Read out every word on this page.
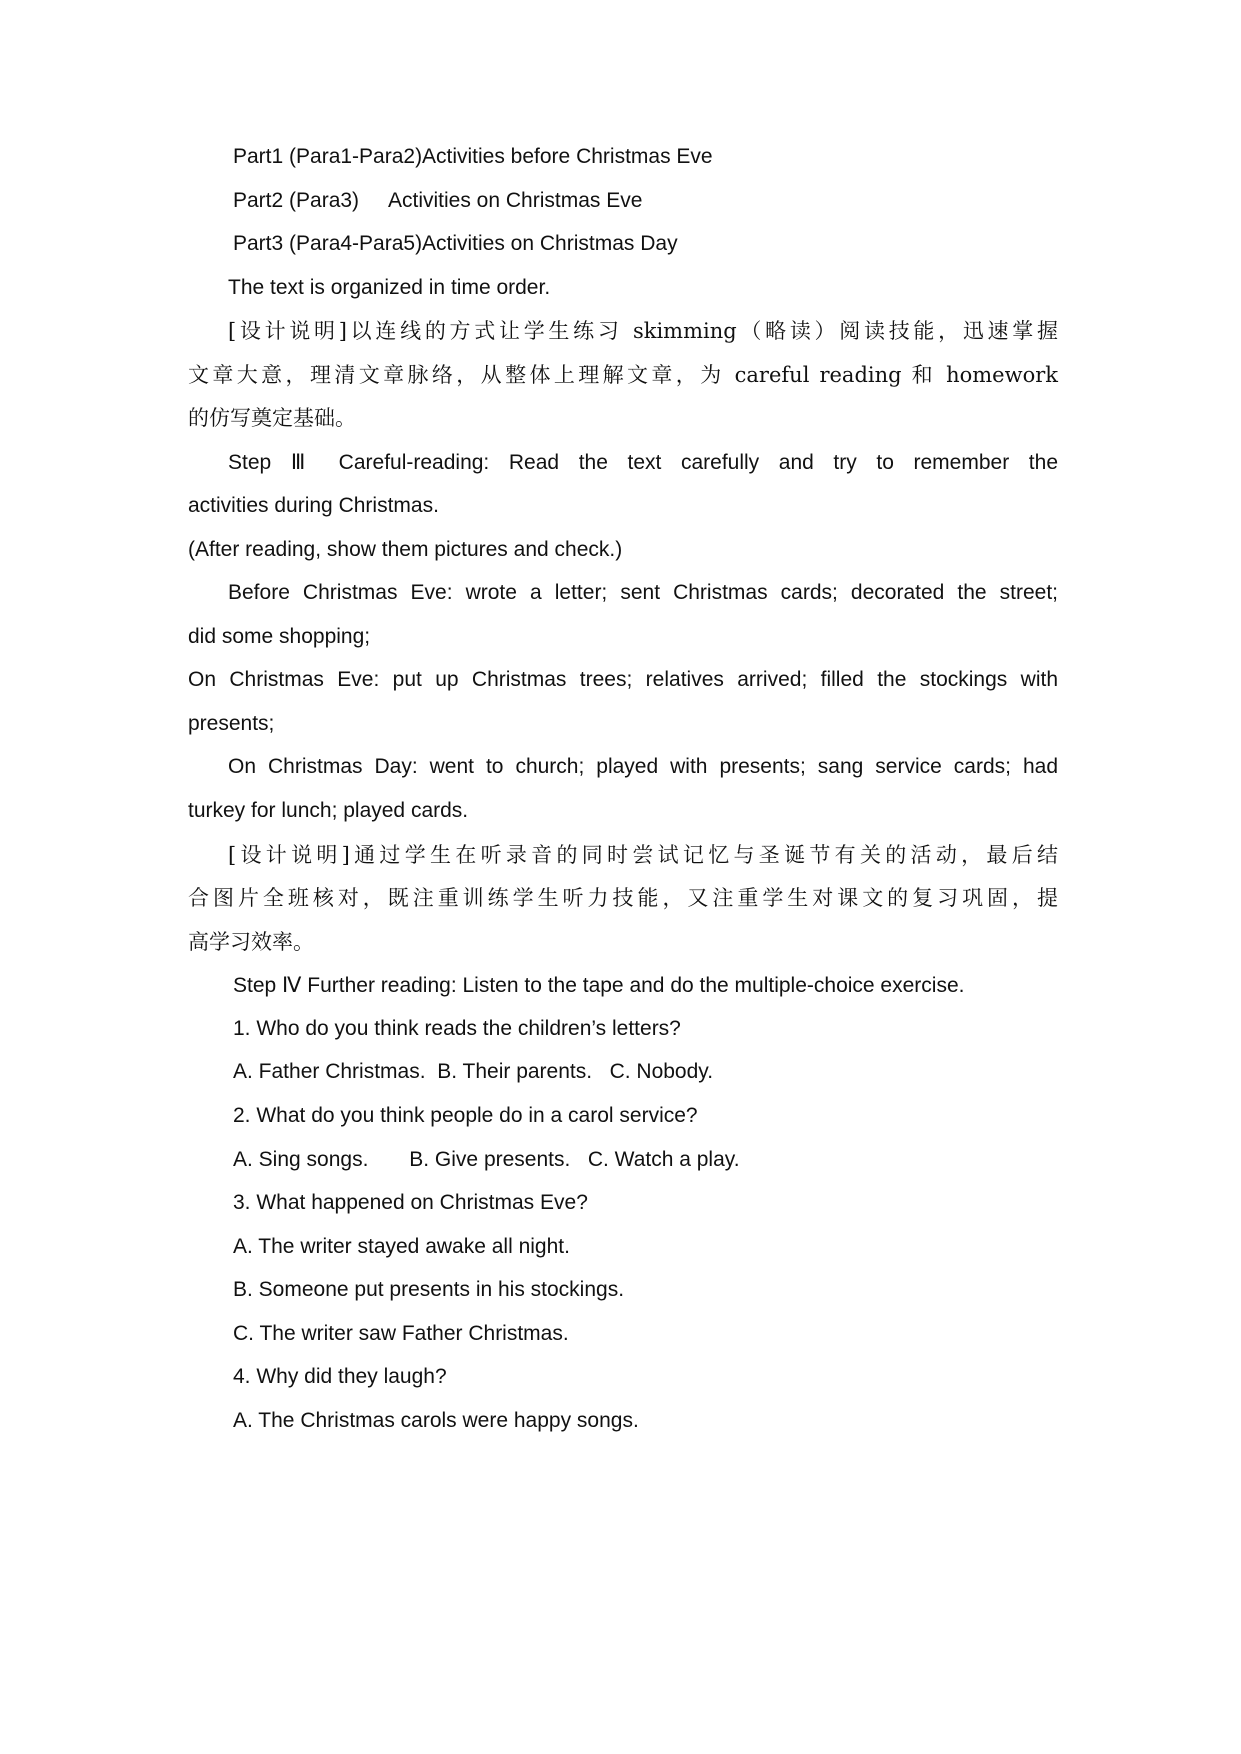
Part1 (Para1-Para2) Activities before Christmas Eve
Part2 (Para3) Activities on Christmas Eve
Part3 (Para4-Para5) Activities on Christmas Day
The text is organized in time order.
[设计说明]以连线的方式让学生练习 skimming（略读）阅读技能，迅速掌握
文章大意，理清文章脉络，从整体上理解文章，为 careful reading 和 homework
的仿写奠定基础。
Step Ⅲ Careful-reading: Read the text carefully and try to remember the
activities during Christmas.
(After reading, show them pictures and check.)
Before Christmas Eve: wrote a letter; sent Christmas cards; decorated the street;
did some shopping;
On Christmas Eve: put up Christmas trees; relatives arrived; filled the stockings with
presents;
On Christmas Day: went to church; played with presents; sang service cards; had
turkey for lunch; played cards.
[设计说明]通过学生在听录音的同时尝试记忆与圣诞节有关的活动，最后结
合图片全班核对，既注重训练学生听力技能，又注重学生对课文的复习巩固，提
高学习效率。
Step Ⅳ Further reading: Listen to the tape and do the multiple-choice exercise.
1. Who do you think reads the children’s letters?
A. Father Christmas.  B. Their parents.   C. Nobody.
2. What do you think people do in a carol service?
A. Sing songs.       B. Give presents.   C. Watch a play.
3. What happened on Christmas Eve?
A. The writer stayed awake all night.
B. Someone put presents in his stockings.
C. The writer saw Father Christmas.
4. Why did they laugh?
A. The Christmas carols were happy songs.
